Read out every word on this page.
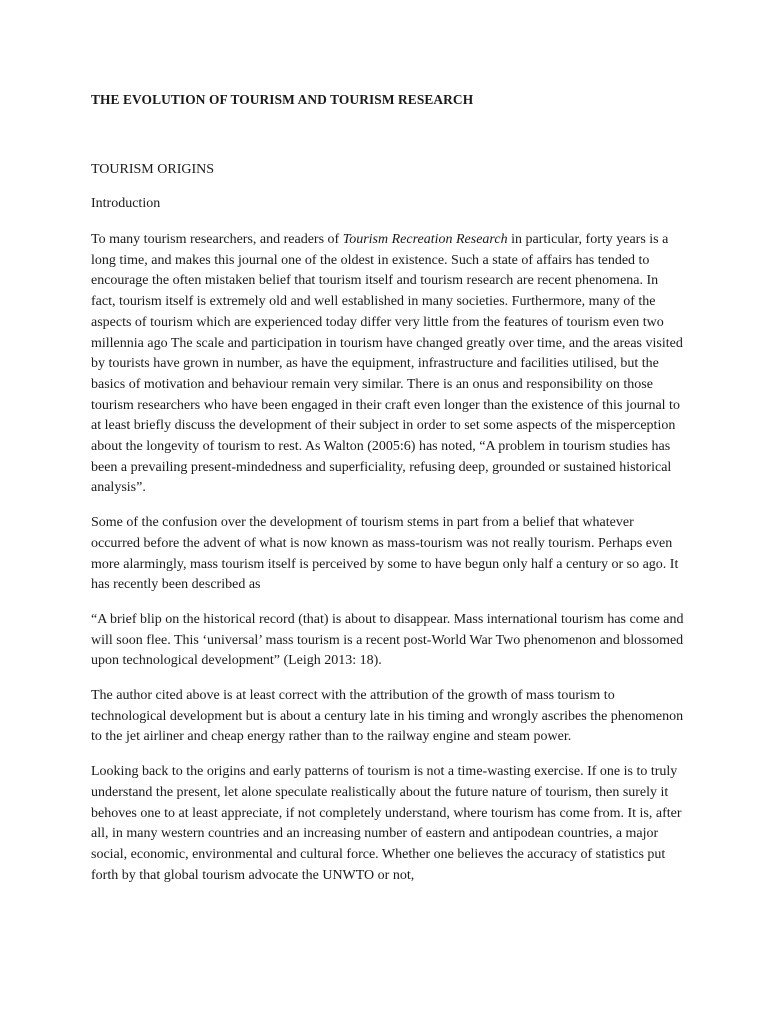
THE EVOLUTION OF TOURISM AND TOURISM RESEARCH
TOURISM ORIGINS
Introduction

To many tourism researchers, and readers of Tourism Recreation Research in particular, forty years is a long time, and makes this journal one of the oldest in existence. Such a state of affairs has tended to encourage the often mistaken belief that tourism itself and tourism research are recent phenomena. In fact, tourism itself is extremely old and well established in many societies. Furthermore, many of the aspects of tourism which are experienced today differ very little from the features of tourism even two millennia ago The scale and participation in tourism have changed greatly over time, and the areas visited by tourists have grown in number, as have the equipment, infrastructure and facilities utilised, but the basics of motivation and behaviour remain very similar. There is an onus and responsibility on those tourism researchers who have been engaged in their craft even longer than the existence of this journal to at least briefly discuss the development of their subject in order to set some aspects of the misperception about the longevity of tourism to rest. As Walton (2005:6) has noted, “A problem in tourism studies has been a prevailing present-mindedness and superficiality, refusing deep, grounded or sustained historical analysis”.

Some of the confusion over the development of tourism stems in part from a belief that whatever occurred before the advent of what is now known as mass-tourism was not really tourism. Perhaps even more alarmingly, mass tourism itself is perceived by some to have begun only half a century or so ago. It has recently been described as

“A brief blip on the historical record (that) is about to disappear. Mass international tourism has come and will soon flee. This ‘universal’ mass tourism is a recent post-World War Two phenomenon and blossomed upon technological development” (Leigh 2013: 18).

The author cited above is at least correct with the attribution of the growth of mass tourism to technological development but is about a century late in his timing and wrongly ascribes the phenomenon to the jet airliner and cheap energy rather than to the railway engine and steam power.

Looking back to the origins and early patterns of tourism is not a time-wasting exercise. If one is to truly understand the present, let alone speculate realistically about the future nature of tourism, then surely it behoves one to at least appreciate, if not completely understand, where tourism has come from. It is, after all, in many western countries and an increasing number of eastern and antipodean countries, a major social, economic, environmental and cultural force. Whether one believes the accuracy of statistics put forth by that global tourism advocate the UNWTO or not,
